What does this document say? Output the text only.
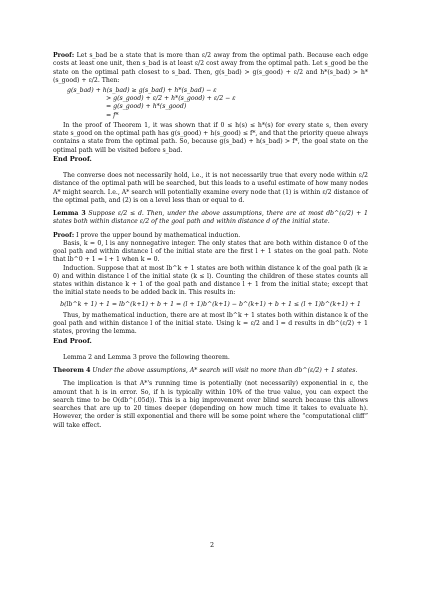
Proof: Let s_bad be a state that is more than ε/2 away from the optimal path. Because each edge costs at least one unit, then s_bad is at least ε/2 cost away from the optimal path. Let s_good be the state on the optimal path closest to s_bad. Then, g(s_bad) > g(s_good) + ε/2 and h*(s_bad) > h*(s_good) + ε/2. Then:

g(s_bad) + h(s_bad) ≥ g(s_bad) + h*(s_bad) − ε
> g(s_good) + ε/2 + h*(s_good) + ε/2 − ε
= g(s_good) + h*(s_good)
= f*

In the proof of Theorem 1, it was shown that if 0 ≤ h(s) ≤ h*(s) for every state s, then every state s_good on the optimal path has g(s_good) + h(s_good) ≤ f*, and that the priority queue always contains a state from the optimal path. So, because g(s_bad) + h(s_bad) > f*, the goal state on the optimal path will be visited before s_bad.

End Proof.

The converse does not necessarily hold, i.e., it is not necessarily true that every node within ε/2 distance of the optimal path will be searched, but this leads to a useful estimate of how many nodes A* might search. I.e., A* search will potentially examine every node that (1) is within ε/2 distance of the optimal path, and (2) is on a level less than or equal to d.

Lemma 3 Suppose ε/2 ≤ d. Then, under the above assumptions, there are at most db^(ε/2) + 1 states both within distance ε/2 of the goal path and within distance d of the initial state.

Proof: I prove the upper bound by mathematical induction.

Basis, k = 0, l is any nonnegative integer. The only states that are both within distance 0 of the goal path and within distance l of the initial state are the first l + 1 states on the goal path. Note that lb^0 + 1 = l + 1 when k = 0.

Induction. Suppose that at most lb^k + 1 states are both within distance k of the goal path (k ≥ 0) and within distance l of the initial state (k ≤ l). Counting the children of these states counts all states within distance k + 1 of the goal path and distance l + 1 from the initial state; except that the initial state needs to be added back in. This results in:

b(lb^k + 1) + 1 = lb^(k+1) + b + 1 = (l + 1)b^(k+1) − b^(k+1) + b + 1 ≤ (l + 1)b^(k+1) + 1

Thus, by mathematical induction, there are at most lb^k + 1 states both within distance k of the goal path and within distance l of the initial state. Using k = ε/2 and l = d results in db^(ε/2) + 1 states, proving the lemma.

End Proof.

Lemma 2 and Lemma 3 prove the following theorem.

Theorem 4 Under the above assumptions, A* search will visit no more than db^(ε/2) + 1 states.

The implication is that A*'s running time is potentially (not necessarily) exponential in ε, the amount that h is in error. So, if h is typically within 10% of the true value, you can expect the search time to be O(db^(.05d)). This is a big improvement over blind search because this allows searches that are up to 20 times deeper (depending on how much time it takes to evaluate h). However, the order is still exponential and there will be some point where the “computational cliff” will take effect.

2
